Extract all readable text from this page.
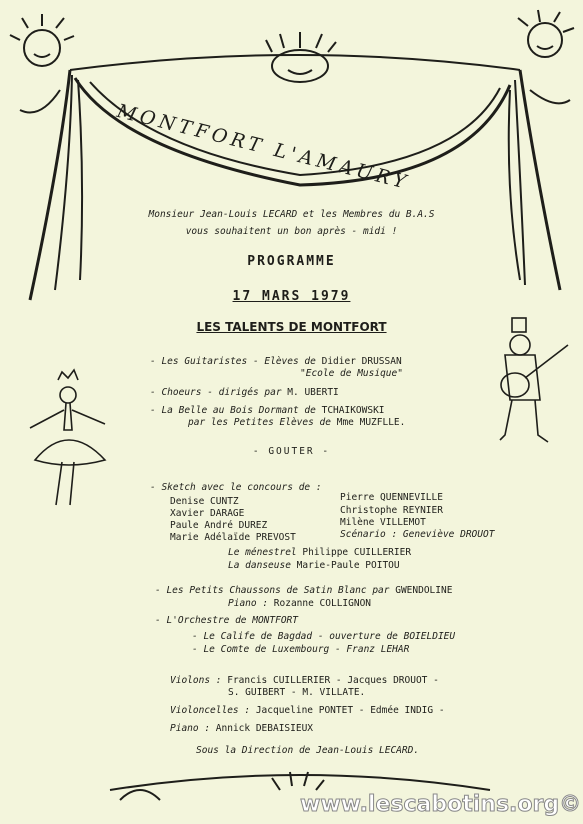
MONTFORT L'AMAURY
Monsieur Jean-Louis LECARD et les Membres du B.A.S
vous souhaitent un bon après - midi !
PROGRAMME
17 MARS 1979
LES TALENTS DE MONTFORT
- Les Guitaristes - Elèves de Didier DRUSSAN
"Ecole de Musique"
- Choeurs - dirigés par M. UBERTI
- La Belle au Bois Dormant de TCHAIKOWSKI
par les Petites Elèves de Mme MUZFLLE.
- GOUTER -
- Sketch avec le concours de :
Denise CUNTZ
Xavier DARAGE
Paule André DUREZ
Marie Adélaïde PREVOST
Pierre QUENNEVILLE
Christophe REYNIER
Milène VILLEMOT
Scénario : Geneviève DROUOT
Le ménestrel Philippe CUILLERIER
La danseuse Marie-Paule POITOU
- Les Petits Chaussons de Satin Blanc par GWENDOLINE
Piano : Rozanne COLLIGNON
- L'Orchestre de MONTFORT
- Le Calife de Bagdad - ouverture de BOIELDIEU
- Le Comte de Luxembourg - Franz LEHAR
Violons : Francis CUILLERIER - Jacques DROUOT -
S. GUIBERT - M. VILLATE.
Violoncelles : Jacqueline PONTET - Edmée INDIG -
Piano : Annick DEBAISIEUX
Sous la Direction de Jean-Louis LECARD.
www.lescabotins.org©
